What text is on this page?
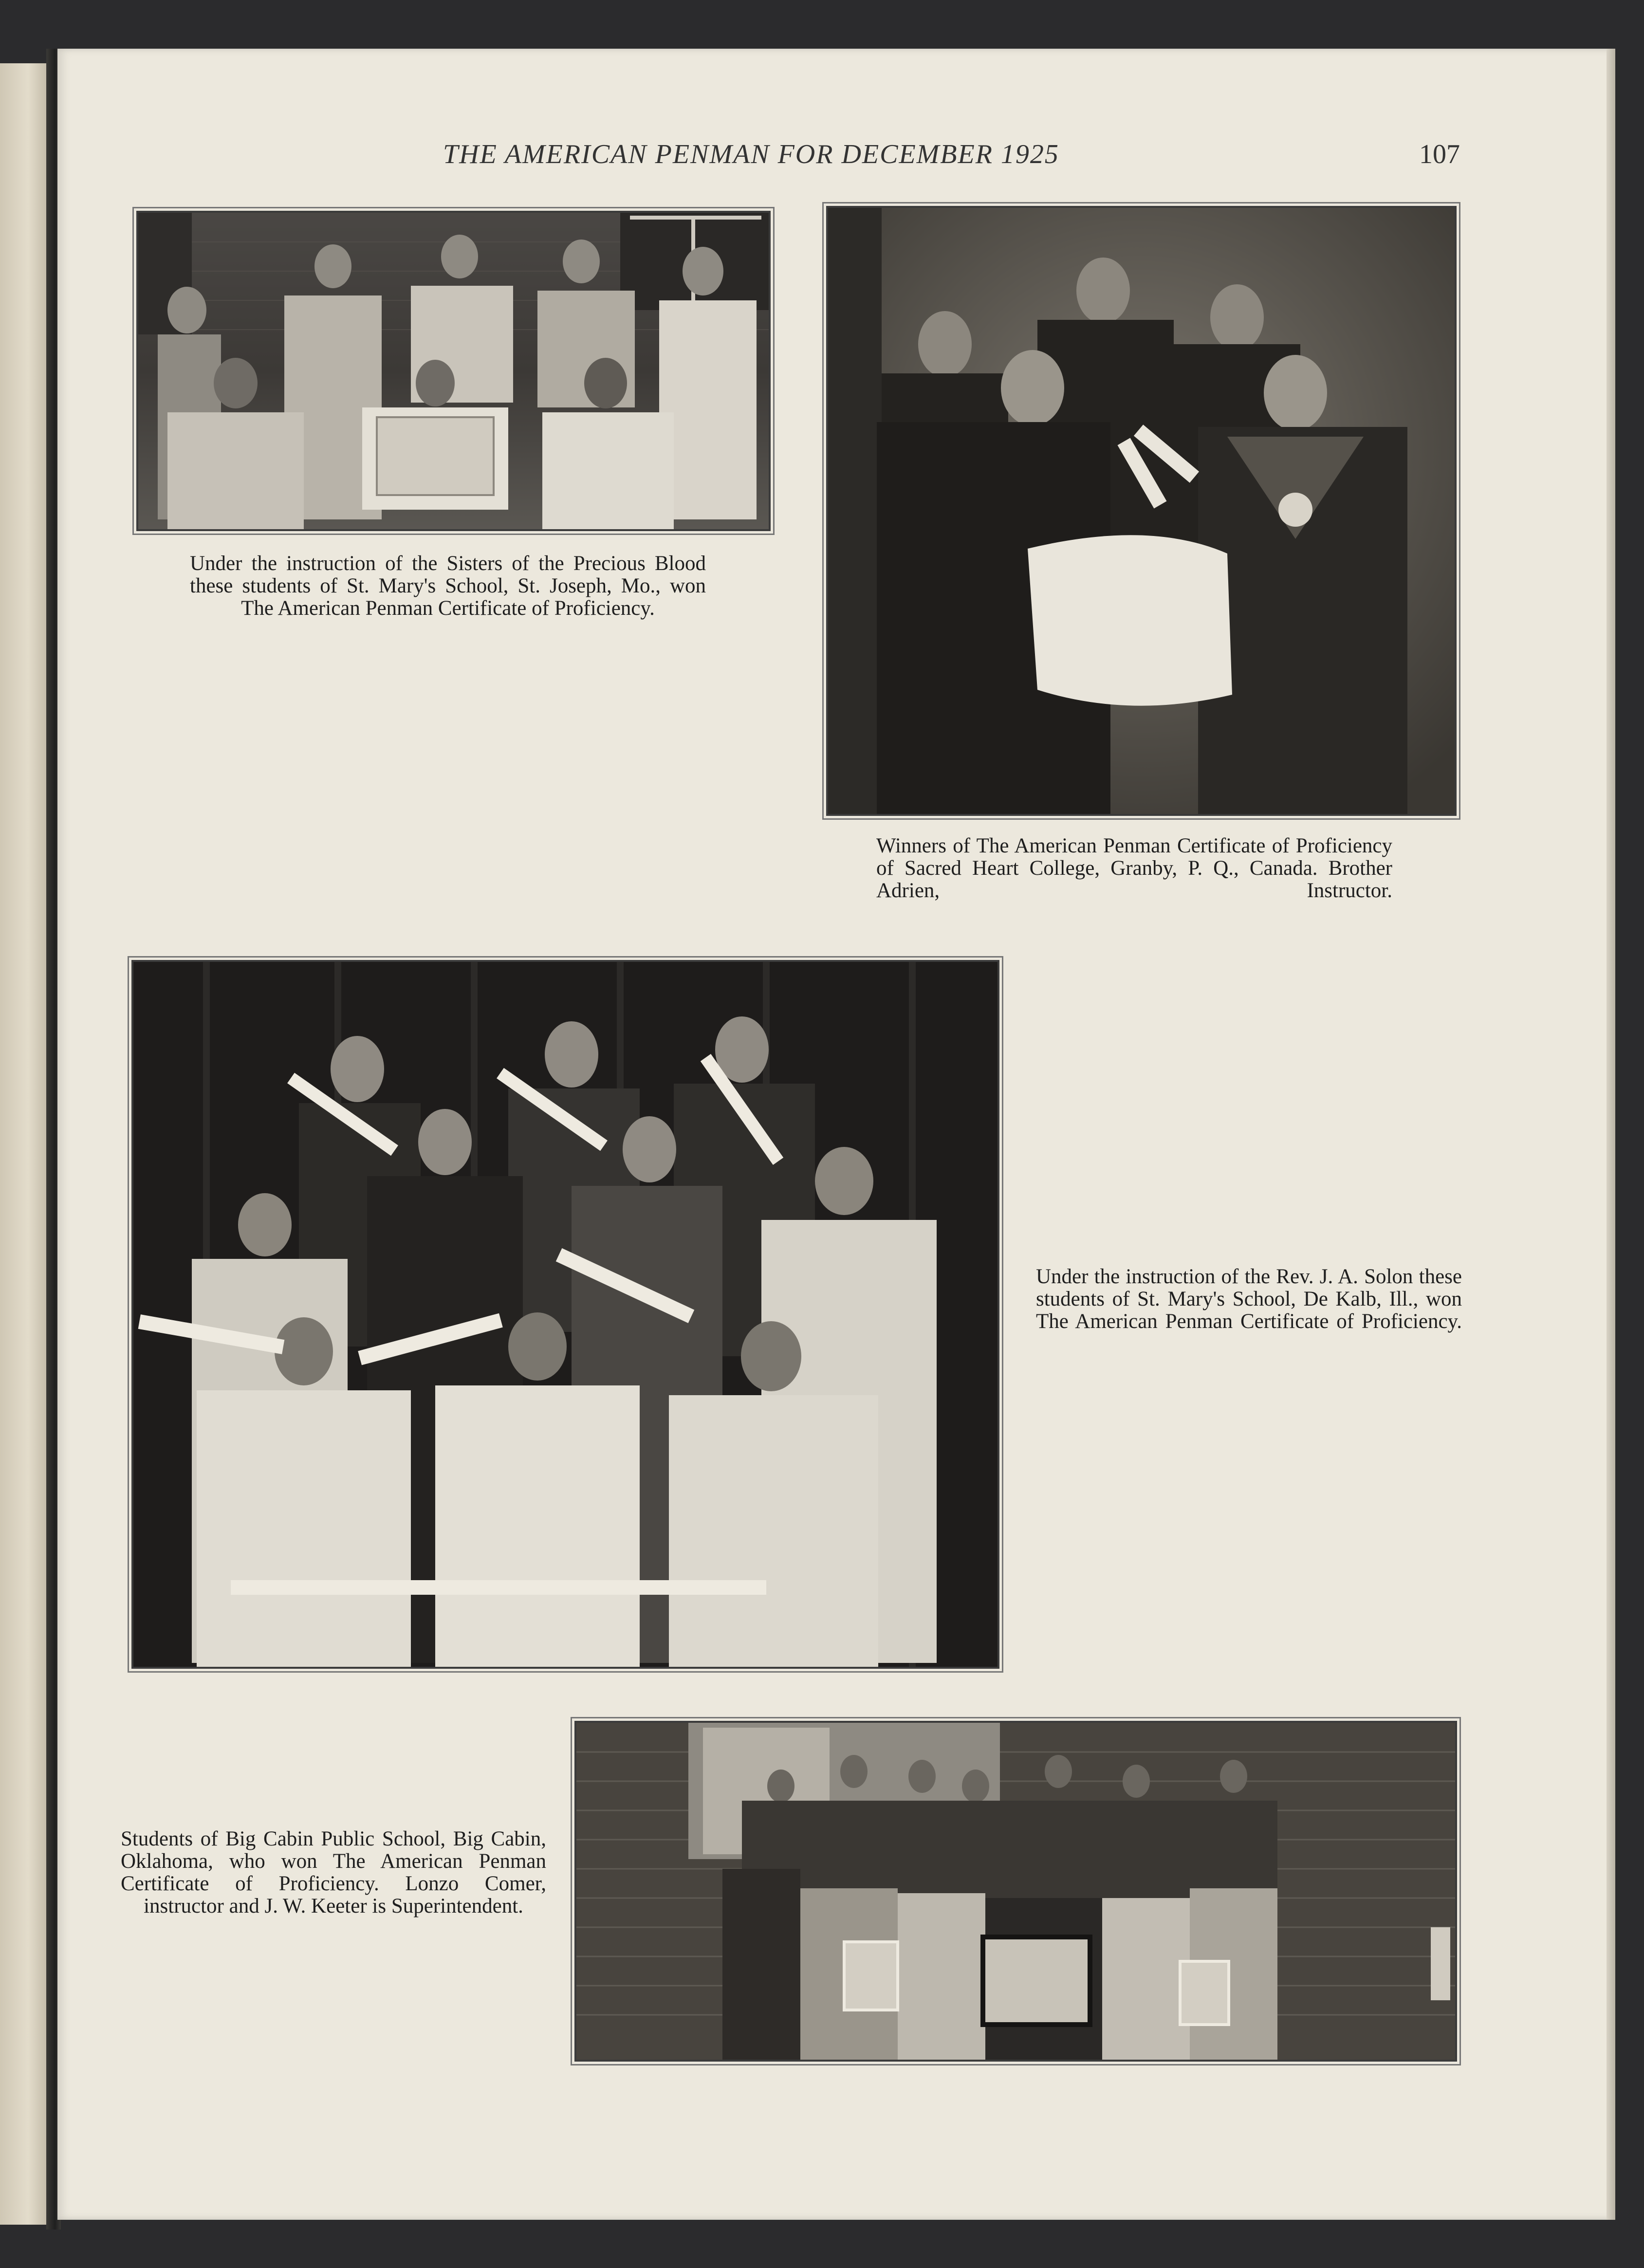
THE AMERICAN PENMAN FOR DECEMBER 1925	107
Under the instruction of the Sisters of the Precious Blood these students of St. Mary's School, St. Joseph, Mo., won The American Penman Certificate of Proficiency.
Winners of The American Penman Certificate of Proficiency of Sacred Heart College, Granby, P. Q., Canada. Brother Adrien, Instructor.
Under the instruction of the Rev. J. A. Solon these students of St. Mary's School, De Kalb, Ill., won The American Penman Certificate of Proficiency.
Students of Big Cabin Public School, Big Cabin, Oklahoma, who won The American Penman Certificate of Proficiency. Lonzo Comer, instructor and J. W. Keeter is Superintendent.
